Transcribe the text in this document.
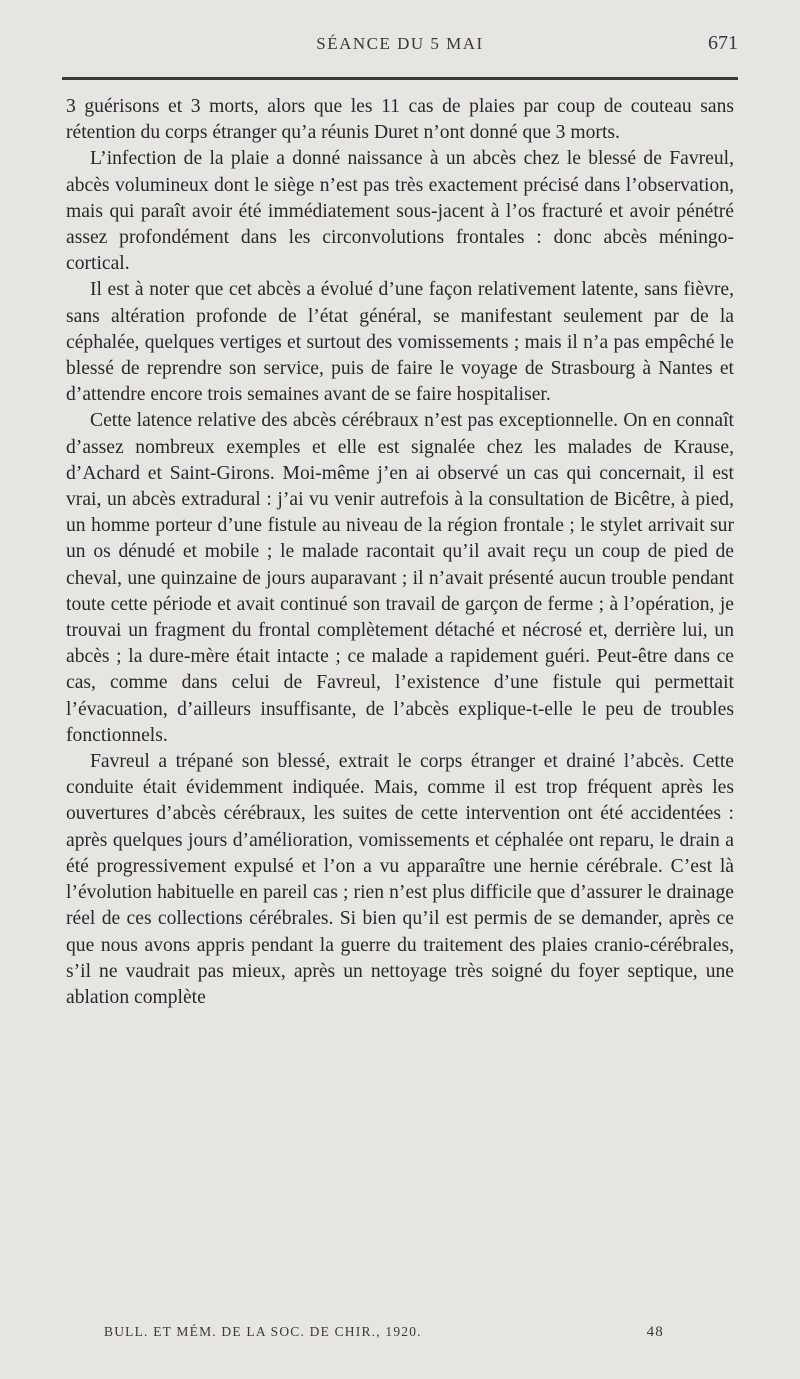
SÉANCE DU 5 MAI	671

3 guérisons et 3 morts, alors que les 11 cas de plaies par coup de couteau sans rétention du corps étranger qu’a réunis Duret n’ont donné que 3 morts.

L’infection de la plaie a donné naissance à un abcès chez le blessé de Favreul, abcès volumineux dont le siège n’est pas très exactement précisé dans l’observation, mais qui paraît avoir été immédiatement sous-jacent à l’os fracturé et avoir pénétré assez profondément dans les circonvolutions frontales : donc abcès méningo-cortical.

Il est à noter que cet abcès a évolué d’une façon relativement latente, sans fièvre, sans altération profonde de l’état général, se manifestant seulement par de la céphalée, quelques vertiges et surtout des vomissements ; mais il n’a pas empêché le blessé de reprendre son service, puis de faire le voyage de Strasbourg à Nantes et d’attendre encore trois semaines avant de se faire hospitaliser.

Cette latence relative des abcès cérébraux n’est pas exceptionnelle. On en connaît d’assez nombreux exemples et elle est signalée chez les malades de Krause, d’Achard et Saint-Girons. Moi-même j’en ai observé un cas qui concernait, il est vrai, un abcès extradural : j’ai vu venir autrefois à la consultation de Bicêtre, à pied, un homme porteur d’une fistule au niveau de la région frontale ; le stylet arrivait sur un os dénudé et mobile ; le malade racontait qu’il avait reçu un coup de pied de cheval, une quinzaine de jours auparavant ; il n’avait présenté aucun trouble pendant toute cette période et avait continué son travail de garçon de ferme ; à l’opération, je trouvai un fragment du frontal complètement détaché et nécrosé et, derrière lui, un abcès ; la dure-mère était intacte ; ce malade a rapidement guéri. Peut-être dans ce cas, comme dans celui de Favreul, l’existence d’une fistule qui permettait l’évacuation, d’ailleurs insuffisante, de l’abcès explique-t-elle le peu de troubles fonctionnels.

Favreul a trépané son blessé, extrait le corps étranger et drainé l’abcès. Cette conduite était évidemment indiquée. Mais, comme il est trop fréquent après les ouvertures d’abcès cérébraux, les suites de cette intervention ont été accidentées : après quelques jours d’amélioration, vomissements et céphalée ont reparu, le drain a été progressivement expulsé et l’on a vu apparaître une hernie cérébrale. C’est là l’évolution habituelle en pareil cas ; rien n’est plus difficile que d’assurer le drainage réel de ces collections cérébrales. Si bien qu’il est permis de se demander, après ce que nous avons appris pendant la guerre du traitement des plaies cranio-cérébrales, s’il ne vaudrait pas mieux, après un nettoyage très soigné du foyer septique, une ablation complète

BULL. ET MÉM. DE LA SOC. DE CHIR., 1920.	48
